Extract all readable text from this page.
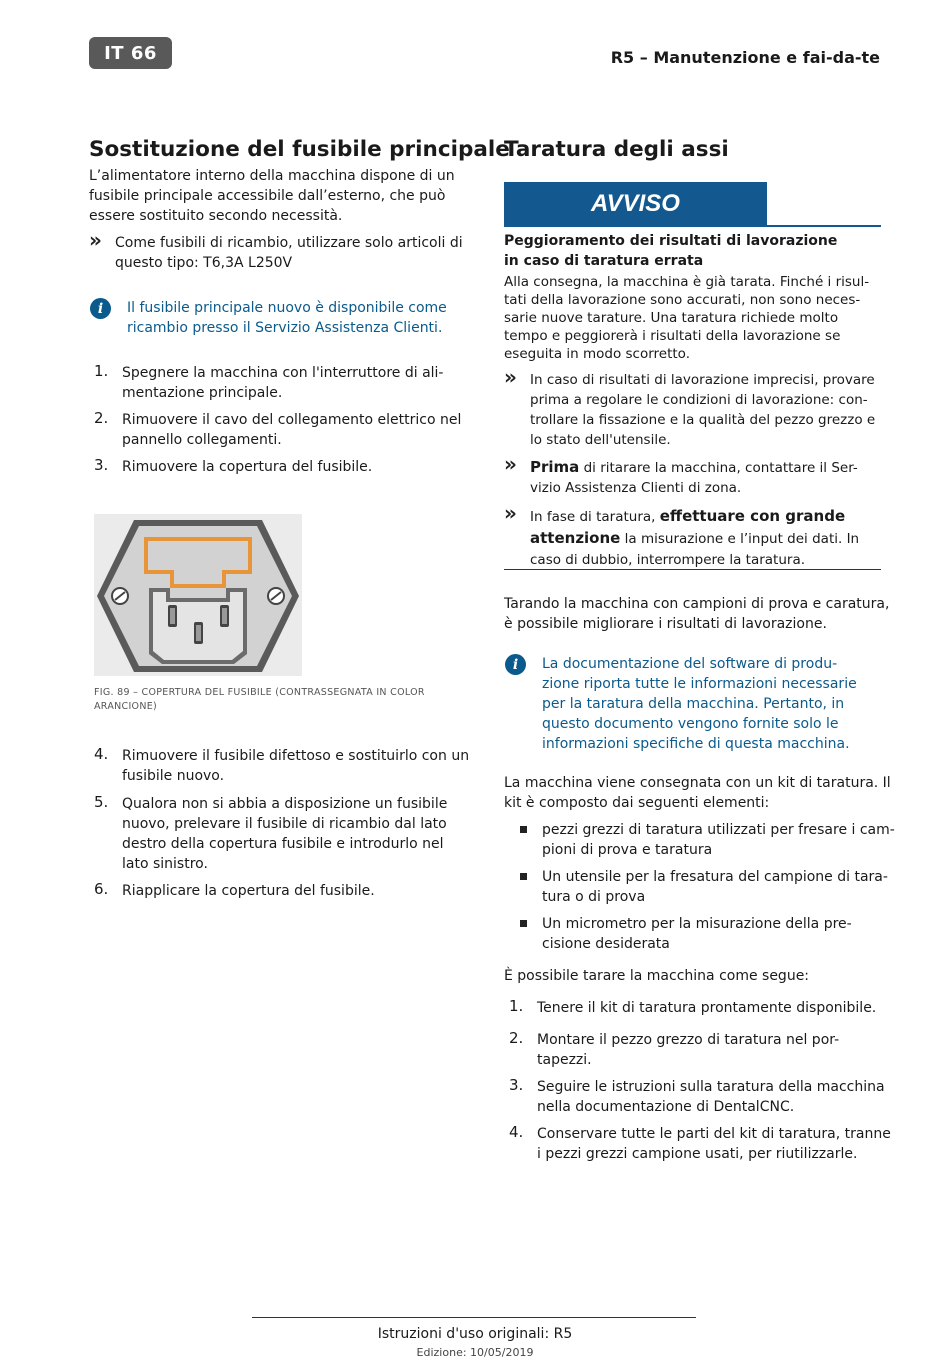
IT 66	R5 – Manutenzione e fai-da-te
Sostituzione del fusibile principale
L’alimentatore interno della macchina dispone di un
fusibile principale accessibile dall’esterno, che può
essere sostituito secondo necessità.
» Come fusibili di ricambio, utilizzare solo articoli di
questo tipo: T6,3A L250V
i	Il fusibile principale nuovo è disponibile come
ricambio presso il Servizio Assistenza Clienti.
1. Spegnere la macchina con l'interruttore di ali-
mentazione principale.
2. Rimuovere il cavo del collegamento elettrico nel
pannello collegamenti.
3. Rimuovere la copertura del fusibile.
FIG. 89 – COPERTURA DEL FUSIBILE (CONTRASSEGNATA IN COLOR
ARANCIONE)
4. Rimuovere il fusibile difettoso e sostituirlo con un
fusibile nuovo.
5. Qualora non si abbia a disposizione un fusibile
nuovo, prelevare il fusibile di ricambio dal lato
destro della copertura fusibile e introdurlo nel
lato sinistro.
6. Riapplicare la copertura del fusibile.
Taratura degli assi
AVVISO
Peggioramento dei risultati di lavorazione
in caso di taratura errata
Alla consegna, la macchina è già tarata. Finché i risul-
tati della lavorazione sono accurati, non sono neces-
sarie nuove tarature. Una taratura richiede molto
tempo e peggiorerà i risultati della lavorazione se
eseguita in modo scorretto.
» In caso di risultati di lavorazione imprecisi, provare
prima a regolare le condizioni di lavorazione: con-
trollare la fissazione e la qualità del pezzo grezzo e
lo stato dell'utensile.
» Prima di ritarare la macchina, contattare il Ser-
vizio Assistenza Clienti di zona.
» In fase di taratura, effettuare con grande
attenzione la misurazione e l’input dei dati. In
caso di dubbio, interrompere la taratura.
Tarando la macchina con campioni di prova e caratura,
è possibile migliorare i risultati di lavorazione.
i	La documentazione del software di produ-
zione riporta tutte le informazioni necessarie
per la taratura della macchina. Pertanto, in
questo documento vengono fornite solo le
informazioni specifiche di questa macchina.
La macchina viene consegnata con un kit di taratura. Il
kit è composto dai seguenti elementi:
pezzi grezzi di taratura utilizzati per fresare i cam-
pioni di prova e taratura
Un utensile per la fresatura del campione di tara-
tura o di prova
Un micrometro per la misurazione della pre-
cisione desiderata
È possibile tarare la macchina come segue:
1. Tenere il kit di taratura prontamente disponibile.
2. Montare il pezzo grezzo di taratura nel por-
tapezzi.
3. Seguire le istruzioni sulla taratura della macchina
nella documentazione di DentalCNC.
4. Conservare tutte le parti del kit di taratura, tranne
i pezzi grezzi campione usati, per riutilizzarle.
Istruzioni d'uso originali: R5
Edizione: 10/05/2019
